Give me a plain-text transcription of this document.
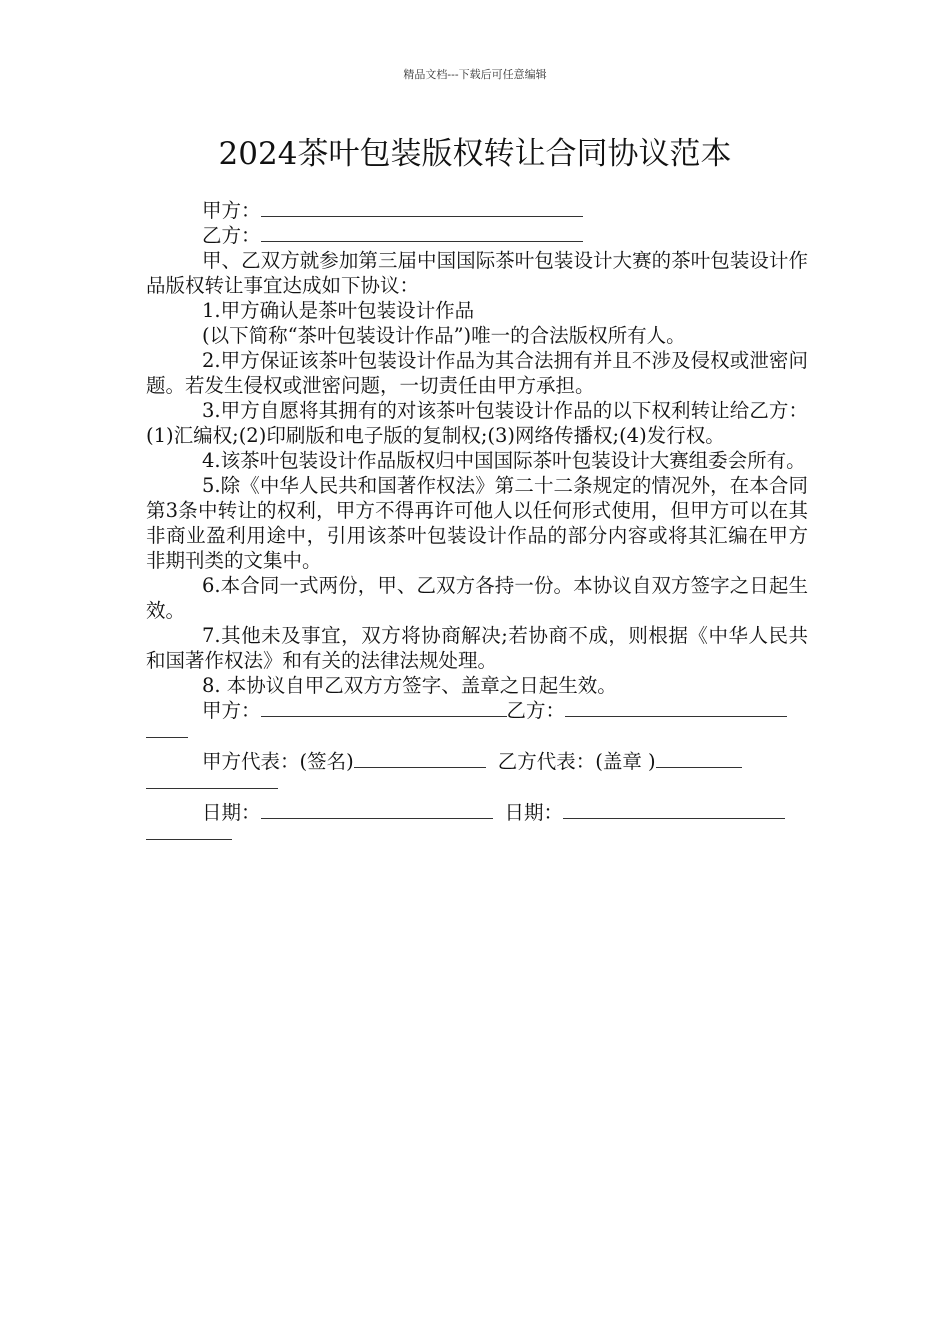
精品文档---下载后可任意编辑
2024茶叶包装版权转让合同协议范本
甲方：
乙方：
甲、乙双方就参加第三届中国国际茶叶包装设计大赛的茶叶包装设计作品版权转让事宜达成如下协议：
1.甲方确认是茶叶包装设计作品
(以下简称“茶叶包装设计作品”)唯一的合法版权所有人。
2.甲方保证该茶叶包装设计作品为其合法拥有并且不涉及侵权或泄密问题。若发生侵权或泄密问题，一切责任由甲方承担。
3.甲方自愿将其拥有的对该茶叶包装设计作品的以下权利转让给乙方：(1)汇编权;(2)印刷版和电子版的复制权;(3)网络传播权;(4)发行权。
4.该茶叶包装设计作品版权归中国国际茶叶包装设计大赛组委会所有。
5.除《中华人民共和国著作权法》第二十二条规定的情况外，在本合同第3条中转让的权利，甲方不得再许可他人以任何形式使用，但甲方可以在其非商业盈利用途中，引用该茶叶包装设计作品的部分内容或将其汇编在甲方非期刊类的文集中。
6.本合同一式两份，甲、乙双方各持一份。本协议自双方签字之日起生效。
7.其他未及事宜，双方将协商解决;若协商不成，则根据《中华人民共和国著作权法》和有关的法律法规处理。
8. 本协议自甲乙双方方签字、盖章之日起生效。
甲方：	乙方：
甲方代表：(签名)	乙方代表：(盖章 )
日期：	日期：
